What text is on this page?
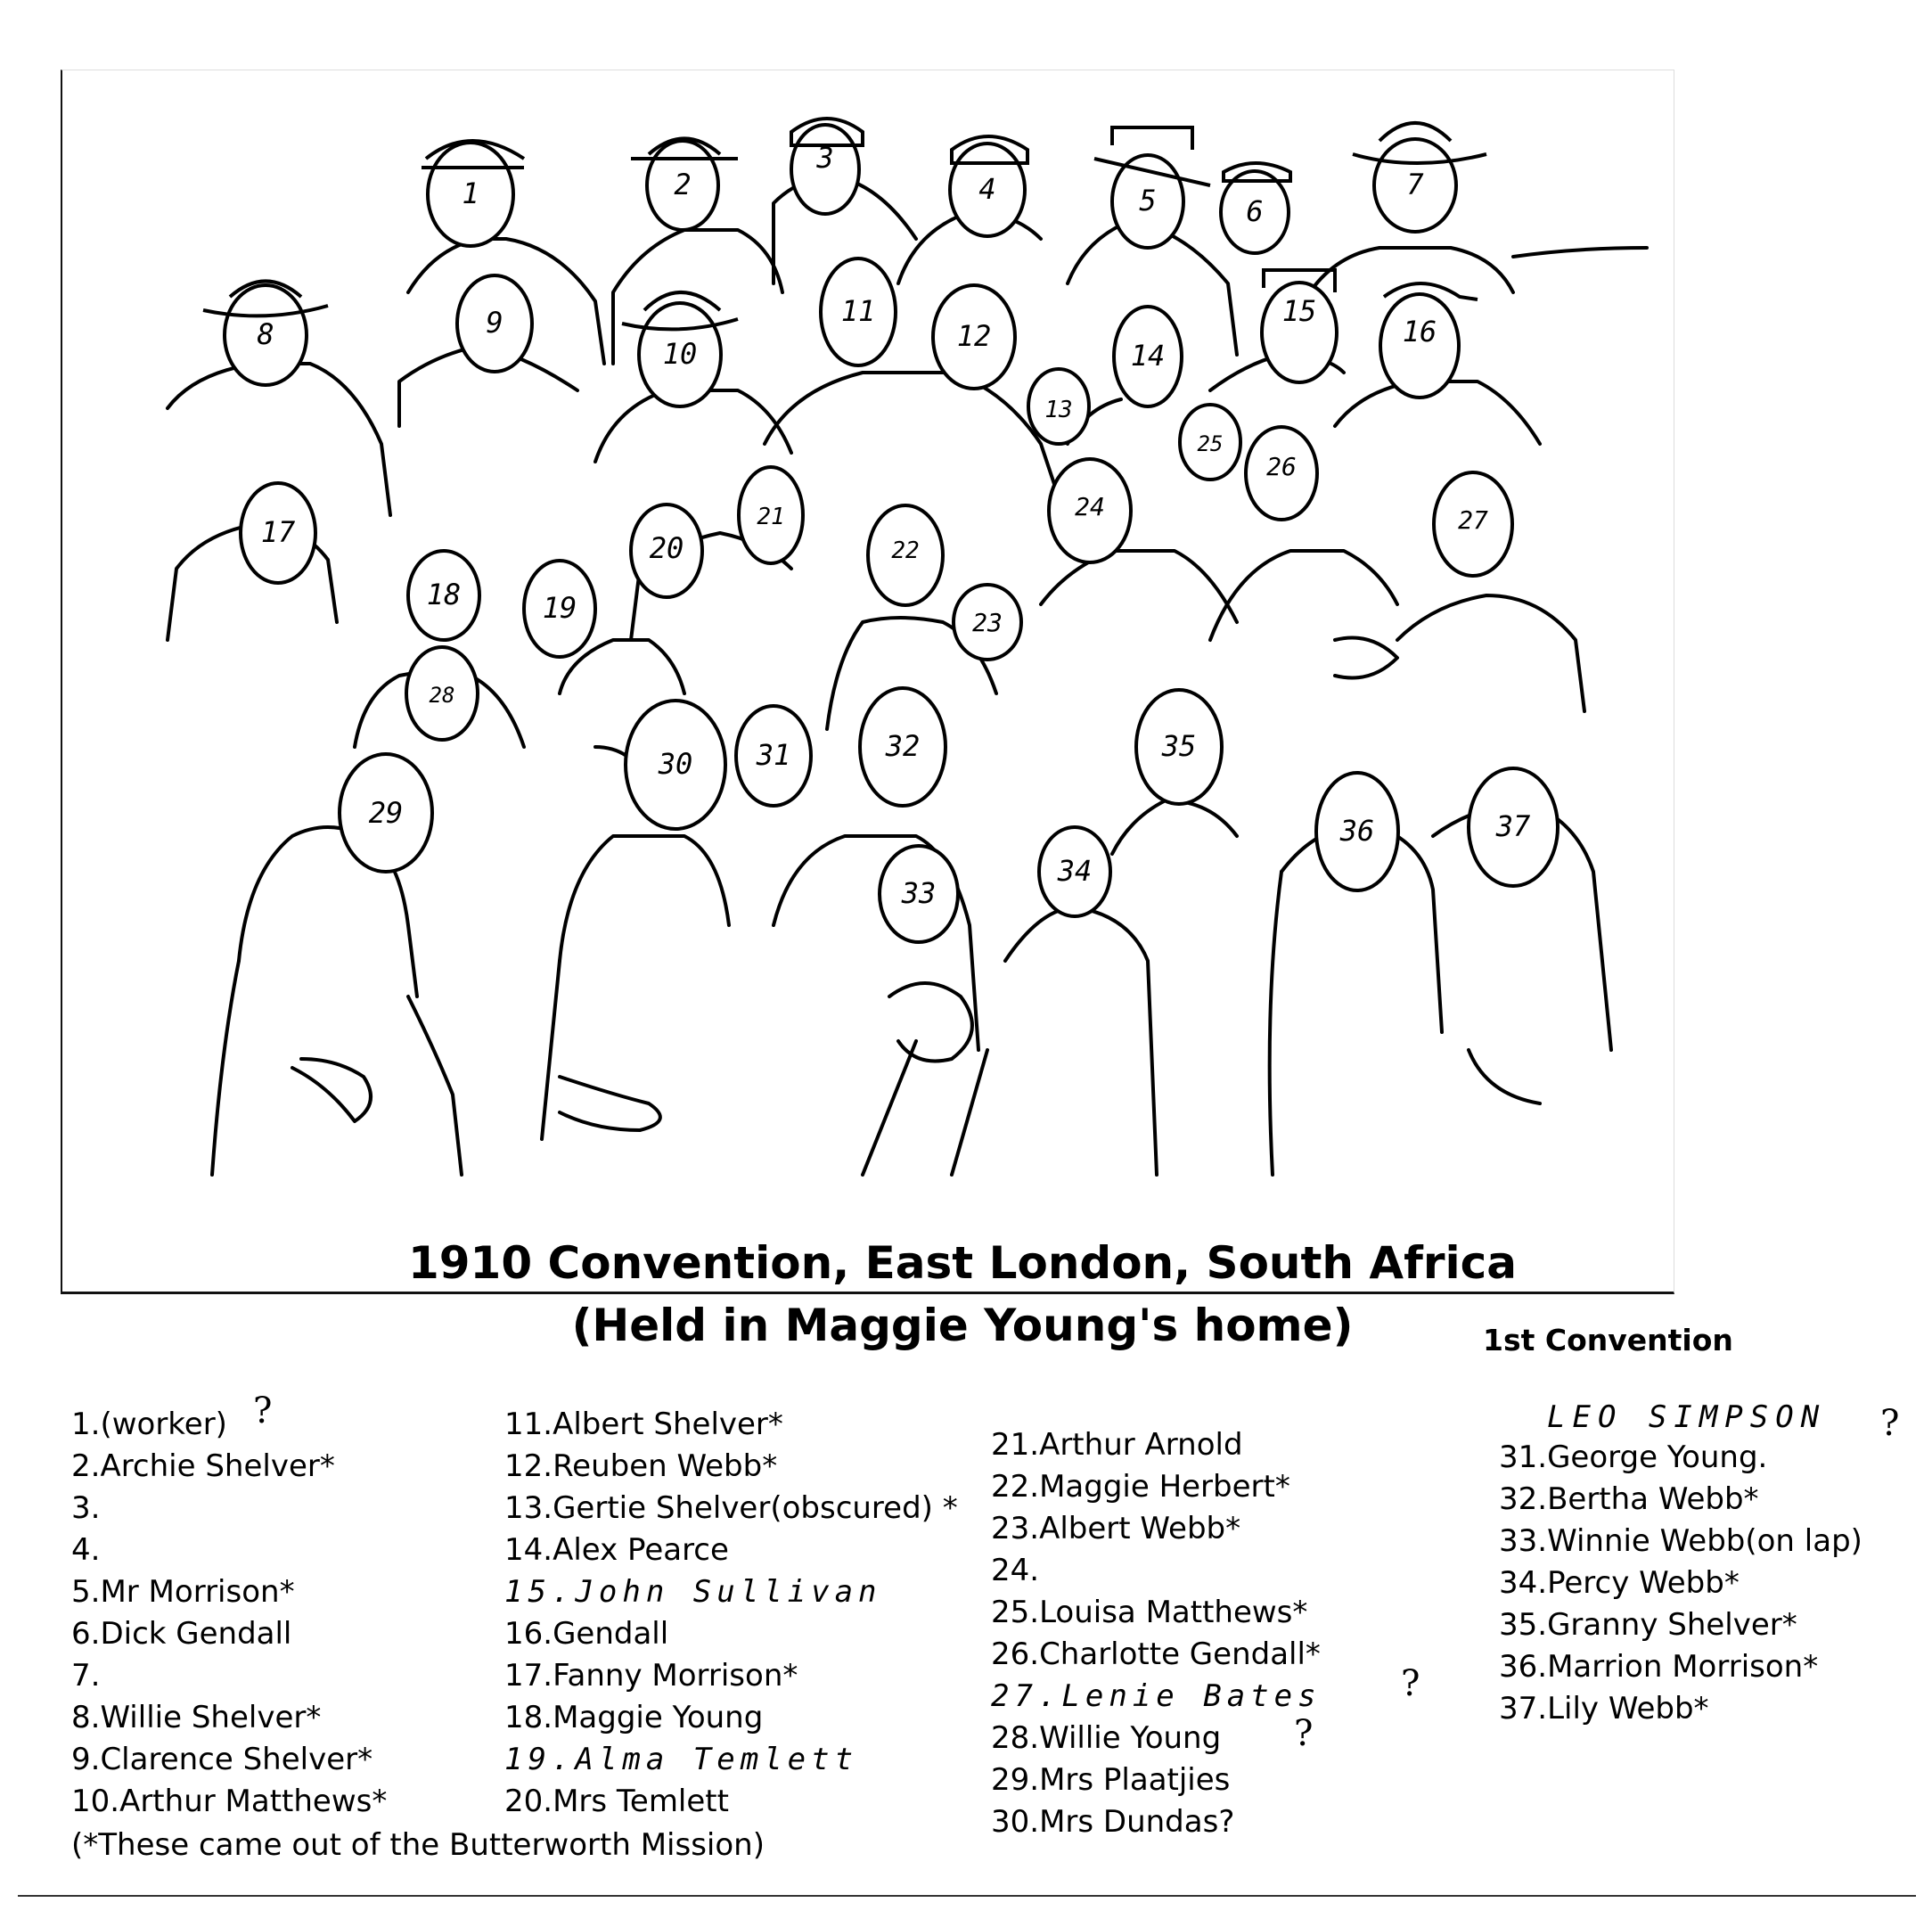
1	2
3
4	5	6
7
8	9
10
11
12
13
14
15
16
17
18	19
20
21
22
23
24
25
26
27
28
29
30 31	32
33
34
35
36	37
1910 Convention, East London, South Africa
(Held in Maggie Young's home)	1st Convention
1.(worker)
2.Archie Shelver*
3.
4.
5.Mr Morrison*
6.Dick Gendall
7.
8.Willie Shelver*
9.Clarence Shelver*
10.Arthur Matthews*
11.Albert Shelver*
12.Reuben Webb*
13.Gertie Shelver(obscured) *
14.Alex Pearce
15.John Sullivan
16.Gendall
17.Fanny Morrison*
18.Maggie Young
19.Alma Temlett
20.Mrs Temlett
21.Arthur Arnold
22.Maggie Herbert*
23.Albert Webb*
24.
25.Louisa Matthews*
26.Charlotte Gendall*
27.Lenie Bates
28.Willie Young
29.Mrs Plaatjies
30.Mrs Dundas?
LEO SIMPSON
31.George Young.
32.Bertha Webb*
33.Winnie Webb(on lap)
34.Percy Webb*
35.Granny Shelver*
36.Marrion Morrison*
37.Lily Webb*
?
?
?
?
(*These came out of the Butterworth Mission)
